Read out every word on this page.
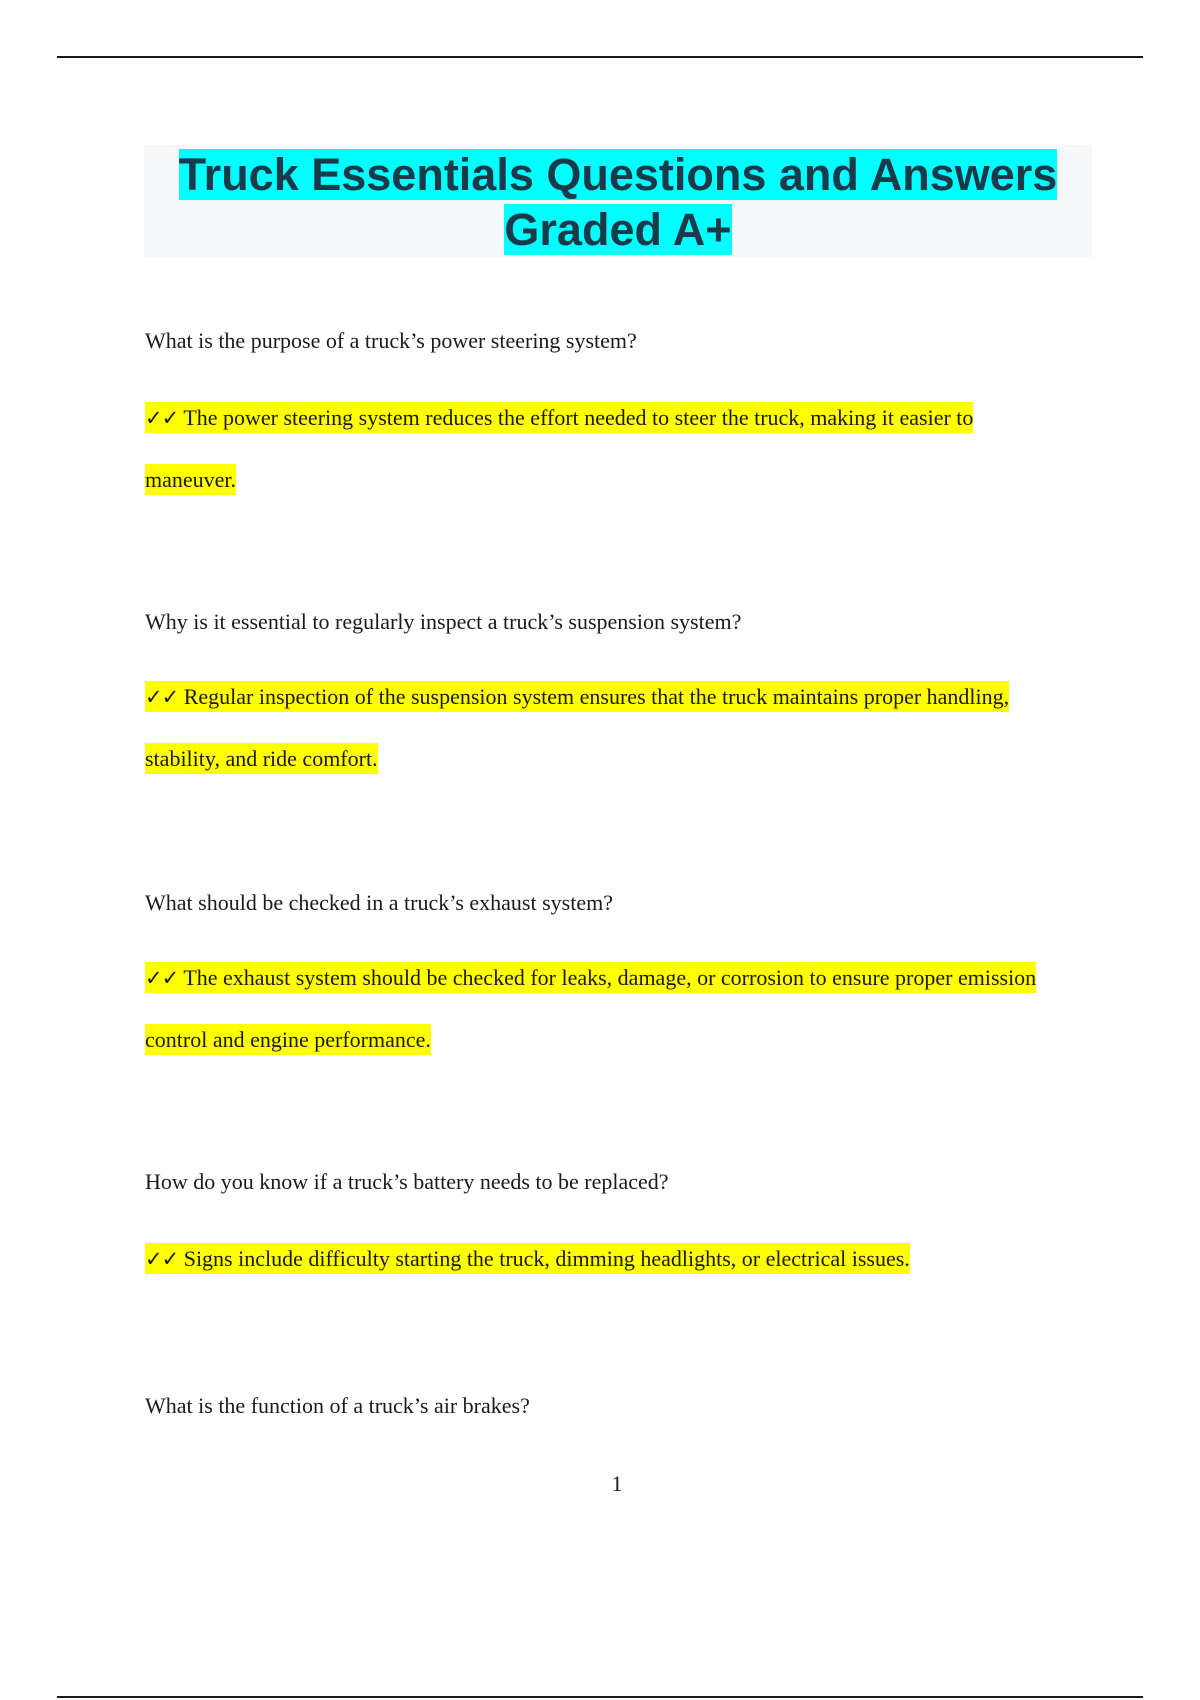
Truck Essentials Questions and Answers Graded A+

What is the purpose of a truck’s power steering system?

✓✓ The power steering system reduces the effort needed to steer the truck, making it easier to maneuver.

Why is it essential to regularly inspect a truck’s suspension system?

✓✓ Regular inspection of the suspension system ensures that the truck maintains proper handling, stability, and ride comfort.

What should be checked in a truck’s exhaust system?

✓✓ The exhaust system should be checked for leaks, damage, or corrosion to ensure proper emission control and engine performance.

How do you know if a truck’s battery needs to be replaced?

✓✓ Signs include difficulty starting the truck, dimming headlights, or electrical issues.

What is the function of a truck’s air brakes?

1
